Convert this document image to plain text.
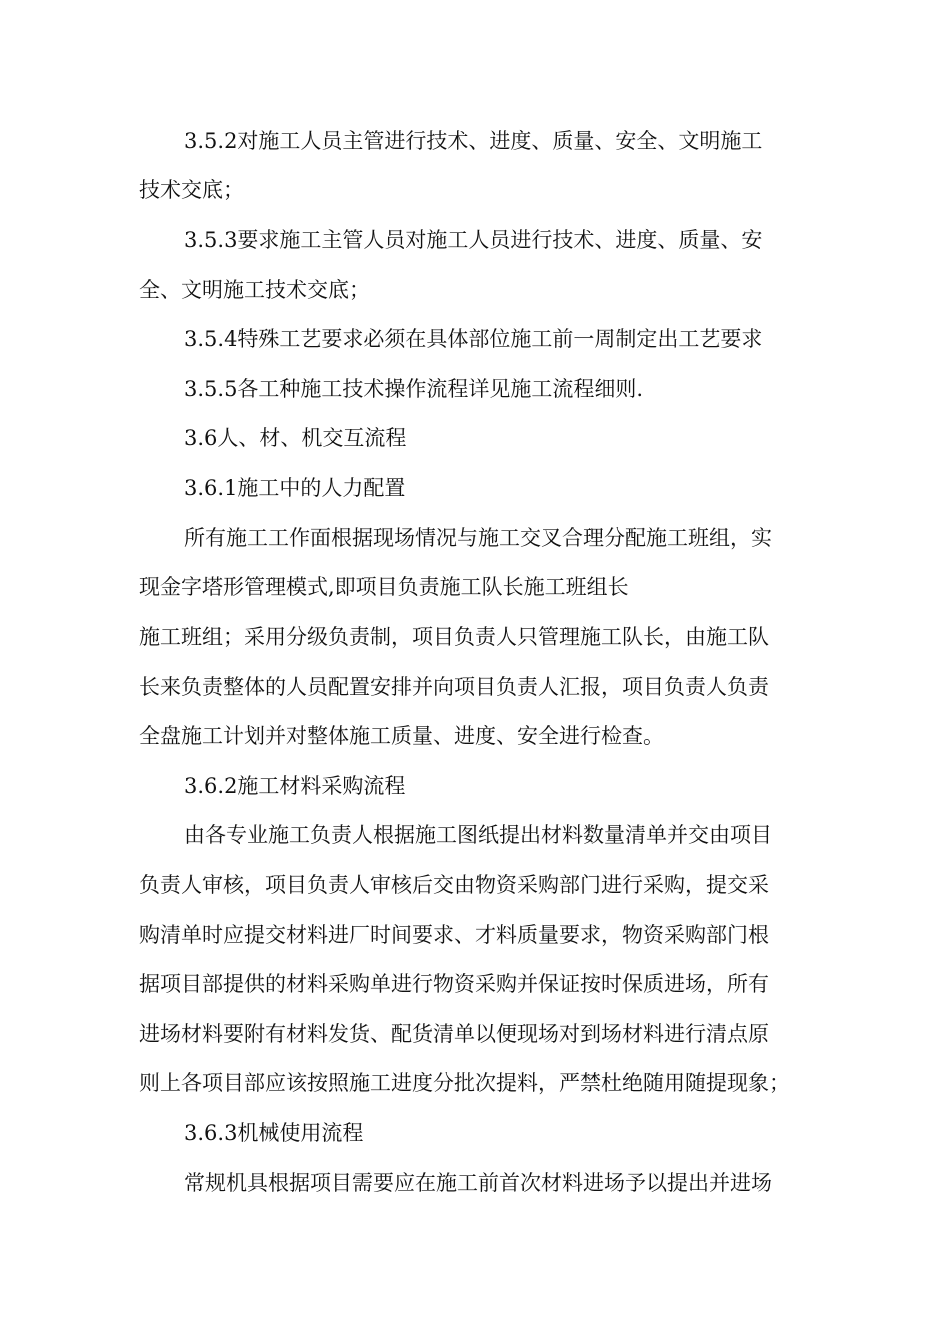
3.5.2对施工人员主管进行技术、进度、质量、安全、文明施工
技术交底；
3.5.3要求施工主管人员对施工人员进行技术、进度、质量、安
全、文明施工技术交底；
3.5.4特殊工艺要求必须在具体部位施工前一周制定出工艺要求
3.5.5各工种施工技术操作流程详见施工流程细则.
3.6人、材、机交互流程
3.6.1施工中的人力配置
所有施工工作面根据现场情况与施工交叉合理分配施工班组，实
现金字塔形管理模式,即项目负责施工队长施工班组长
施工班组；采用分级负责制，项目负责人只管理施工队长，由施工队
长来负责整体的人员配置安排并向项目负责人汇报，项目负责人负责
全盘施工计划并对整体施工质量、进度、安全进行检查。
3.6.2施工材料采购流程
由各专业施工负责人根据施工图纸提出材料数量清单并交由项目
负责人审核，项目负责人审核后交由物资采购部门进行采购，提交采
购清单时应提交材料进厂时间要求、才料质量要求，物资采购部门根
据项目部提供的材料采购单进行物资采购并保证按时保质进场，所有
进场材料要附有材料发货、配货清单以便现场对到场材料进行清点原
则上各项目部应该按照施工进度分批次提料，严禁杜绝随用随提现象；
3.6.3机械使用流程
常规机具根据项目需要应在施工前首次材料进场予以提出并进场
